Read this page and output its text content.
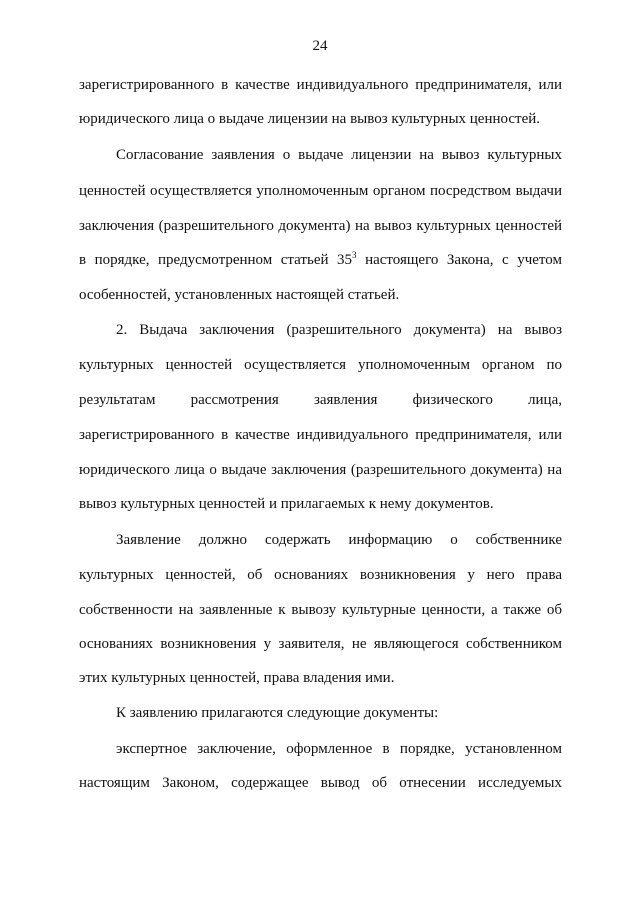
24
зарегистрированного в качестве индивидуального предпринимателя, или
юридического лица о выдаче лицензии на вывоз культурных ценностей.
Согласование заявления о выдаче лицензии на вывоз культурных
ценностей осуществляется уполномоченным органом посредством выдачи
заключения (разрешительного документа) на вывоз культурных ценностей
в порядке, предусмотренном статьей $35^3$ настоящего Закона, с учетом
особенностей, установленных настоящей статьей.
2. Выдача заключения (разрешительного документа) на вывоз
культурных ценностей осуществляется уполномоченным органом по
результатам рассмотрения заявления физического лица,
зарегистрированного в качестве индивидуального предпринимателя, или
юридического лица о выдаче заключения (разрешительного документа) на
вывоз культурных ценностей и прилагаемых к нему документов.
Заявление должно содержать информацию о собственнике
культурных ценностей, об основаниях возникновения у него права
собственности на заявленные к вывозу культурные ценности, а также об
основаниях возникновения у заявителя, не являющегося собственником
этих культурных ценностей, права владения ими.
К заявлению прилагаются следующие документы:
экспертное заключение, оформленное в порядке, установленном
настоящим Законом, содержащее вывод об отнесении исследуемых
